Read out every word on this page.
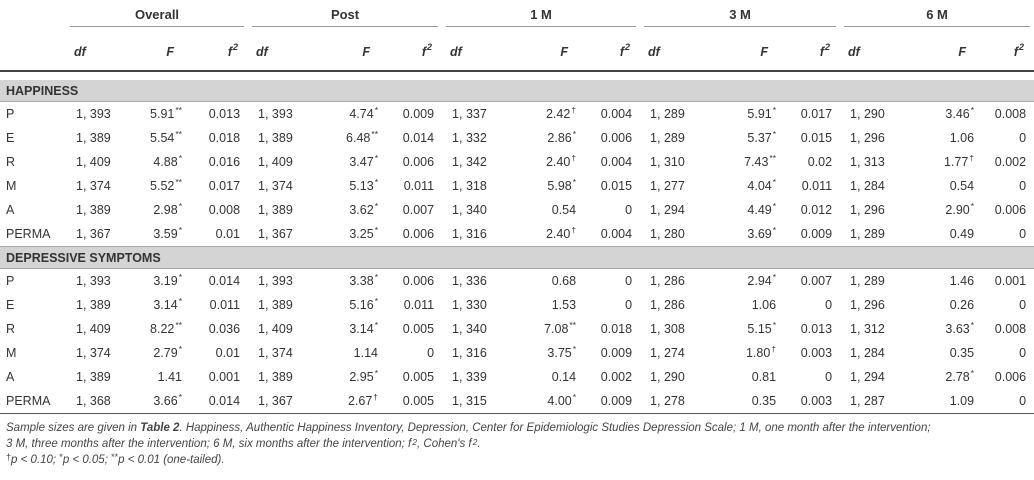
	Overall			Post			1 M			3 M			6 M		

	df	F	$f^2$	df	F	$f^2$	df	F	$f^2$	df	F	$f^2$	df	F	$f^2$

HAPPINESS															
P	1, 393	5.91**	0.013	1, 393	4.74*	0.009	1, 337	2.42†	0.004	1, 289	5.91*	0.017	1, 290	3.46*	0.008
E	1, 389	5.54**	0.018	1, 389	6.48**	0.014	1, 332	2.86*	0.006	1, 289	5.37*	0.015	1, 296	1.06	0
R	1, 409	4.88*	0.016	1, 409	3.47*	0.006	1, 342	2.40†	0.004	1, 310	7.43**	0.02	1, 313	1.77†	0.002
M	1, 374	5.52**	0.017	1, 374	5.13*	0.011	1, 318	5.98*	0.015	1, 277	4.04*	0.011	1, 284	0.54	0
A	1, 389	2.98*	0.008	1, 389	3.62*	0.007	1, 340	0.54	0	1, 294	4.49*	0.012	1, 296	2.90*	0.006
PERMA	1, 367	3.59*	0.01	1, 367	3.25*	0.006	1, 316	2.40†	0.004	1, 280	3.69*	0.009	1, 289	0.49	0
DEPRESSIVE SYMPTOMS															
P	1, 393	3.19*	0.014	1, 393	3.38*	0.006	1, 336	0.68	0	1, 286	2.94*	0.007	1, 289	1.46	0.001
E	1, 389	3.14*	0.011	1, 389	5.16*	0.011	1, 330	1.53	0	1, 286	1.06	0	1, 296	0.26	0
R	1, 409	8.22**	0.036	1, 409	3.14*	0.005	1, 340	7.08**	0.018	1, 308	5.15*	0.013	1, 312	3.63*	0.008
M	1, 374	2.79*	0.01	1, 374	1.14	0	1, 316	3.75*	0.009	1, 274	1.80†	0.003	1, 284	0.35	0
A	1, 389	1.41	0.001	1, 389	2.95*	0.005	1, 339	0.14	0.002	1, 290	0.81	0	1, 294	2.78*	0.006
PERMA	1, 368	3.66*	0.014	1, 367	2.67†	0.005	1, 315	4.00*	0.009	1, 278	0.35	0.003	1, 287	1.09	0
Sample sizes are given in Table 2. Happiness, Authentic Happiness Inventory, Depression, Center for Epidemiologic Studies Depression Scale; 1 M, one month after the intervention;
3 M, three months after the intervention; 6 M, six months after the intervention; $f^2$, Cohen's $f^2$.
†p < 0.10; *p < 0.05; **p < 0.01 (one-tailed).
